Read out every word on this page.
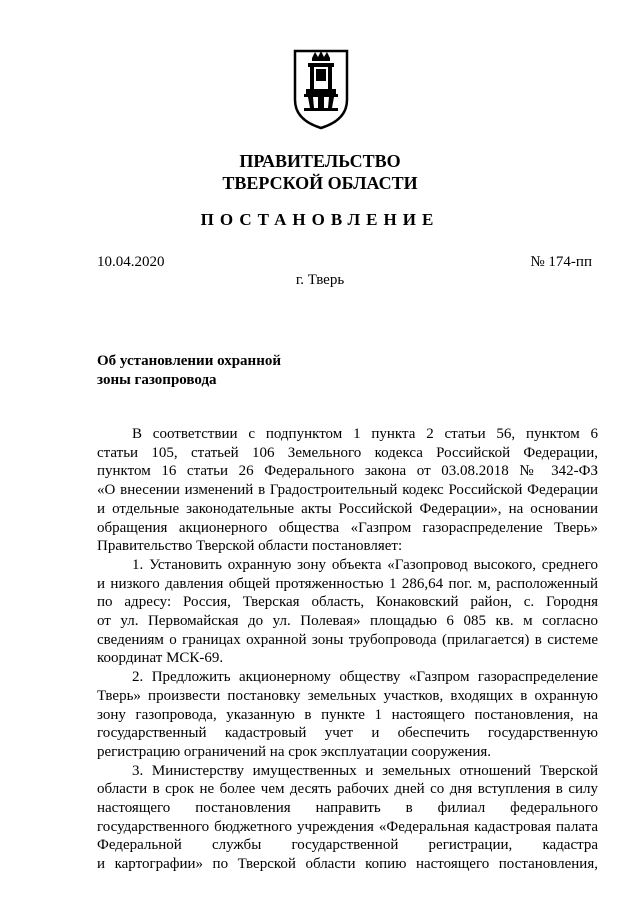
ПРАВИТЕЛЬСТВО
ТВЕРСКОЙ ОБЛАСТИ
ПОСТАНОВЛЕНИЕ
10.04.2020	№ 174-пп
г. Тверь
Об установлении охранной
зоны газопровода
В соответствии с подпунктом 1 пункта 2 статьи 56, пунктом 6
статьи 105, статьей 106 Земельного кодекса Российской Федерации,
пунктом 16 статьи 26 Федерального закона от 03.08.2018 № 342-ФЗ
«О внесении изменений в Градостроительный кодекс Российской Федерации
и отдельные законодательные акты Российской Федерации», на основании
обращения акционерного общества «Газпром газораспределение Тверь»
Правительство Тверской области постановляет:
1. Установить охранную зону объекта «Газопровод высокого, среднего
и низкого давления общей протяженностью 1 286,64 пог. м, расположенный
по адресу: Россия, Тверская область, Конаковский район, с. Городня
от ул. Первомайская до ул. Полевая» площадью 6 085 кв. м согласно
сведениям о границах охранной зоны трубопровода (прилагается) в системе
координат МСК-69.
2. Предложить акционерному обществу «Газпром газораспределение
Тверь» произвести постановку земельных участков, входящих в охранную
зону газопровода, указанную в пункте 1 настоящего постановления, на
государственный кадастровый учет и обеспечить государственную
регистрацию ограничений на срок эксплуатации сооружения.
3. Министерству имущественных и земельных отношений Тверской
области в срок не более чем десять рабочих дней со дня вступления в силу
настоящего постановления направить в филиал федерального
государственного бюджетного учреждения «Федеральная кадастровая палата
Федеральной службы государственной регистрации, кадастра
и картографии» по Тверской области копию настоящего постановления,
